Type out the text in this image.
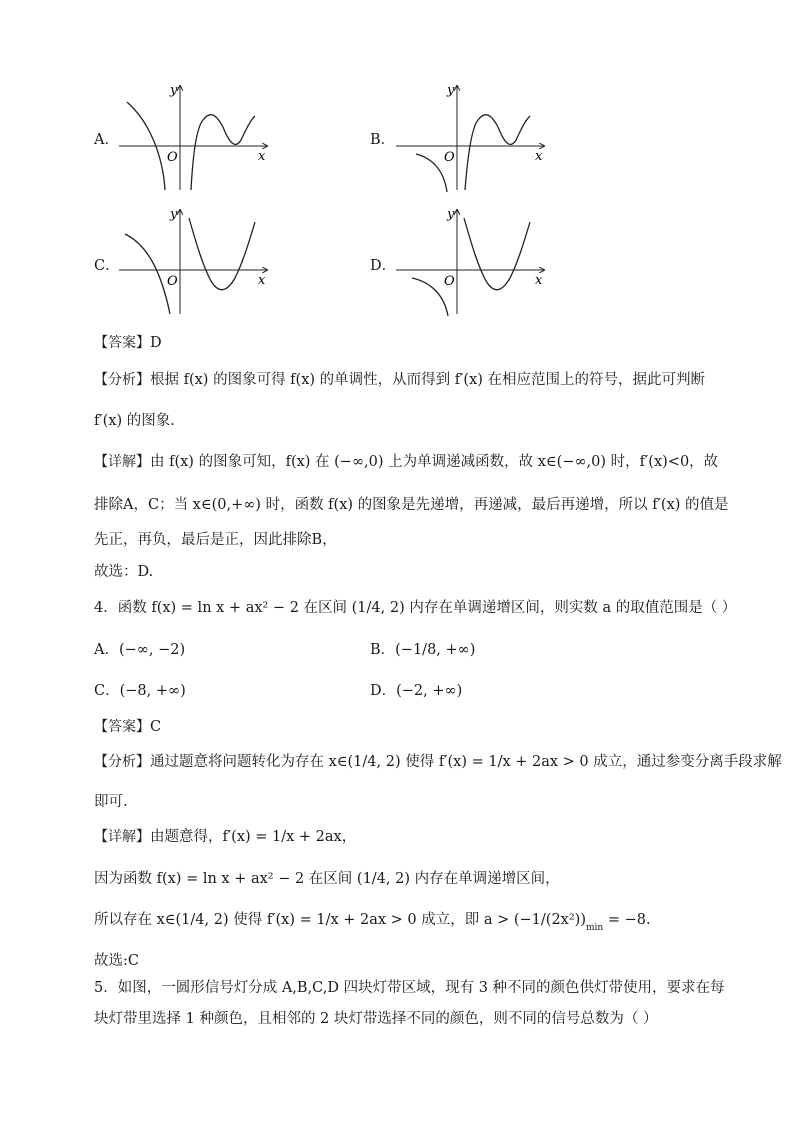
A．
y
O	x
B．
y
O	x
C．
y
O	x
D．
y
O	x
【答案】D
【分析】根据 f(x) 的图象可得 f(x) 的单调性，从而得到 f′(x) 在相应范围上的符号，据此可判断
f′(x) 的图象.
【详解】由 f(x) 的图象可知，f(x) 在 (−∞,0) 上为单调递减函数，故 x∈(−∞,0) 时，f′(x)<0，故
排除A，C；当 x∈(0,+∞) 时，函数 f(x) 的图象是先递增，再递减，最后再递增，所以 f′(x) 的值是
先正，再负，最后是正，因此排除B，
故选：D.
4．函数 f(x) = ln x + ax² − 2 在区间 (1/4, 2) 内存在单调递增区间，则实数 a 的取值范围是（ ）
A．(−∞, −2)	B．(−1/8, +∞)
C．(−8, +∞)	D．(−2, +∞)
【答案】C
【分析】通过题意将问题转化为存在 x∈(1/4, 2) 使得 f′(x) = 1/x + 2ax > 0 成立，通过参变分离手段求解
即可.
【详解】由题意得，f′(x) = 1/x + 2ax，
因为函数 f(x) = ln x + ax² − 2 在区间 (1/4, 2) 内存在单调递增区间，
所以存在 x∈(1/4, 2) 使得 f′(x) = 1/x + 2ax > 0 成立，即 $a > (-1/(2x^2))_{min} = -8$.
故选:C
5．如图，一圆形信号灯分成 A,B,C,D 四块灯带区域，现有 3 种不同的颜色供灯带使用，要求在每
块灯带里选择 1 种颜色，且相邻的 2 块灯带选择不同的颜色，则不同的信号总数为（ ）
